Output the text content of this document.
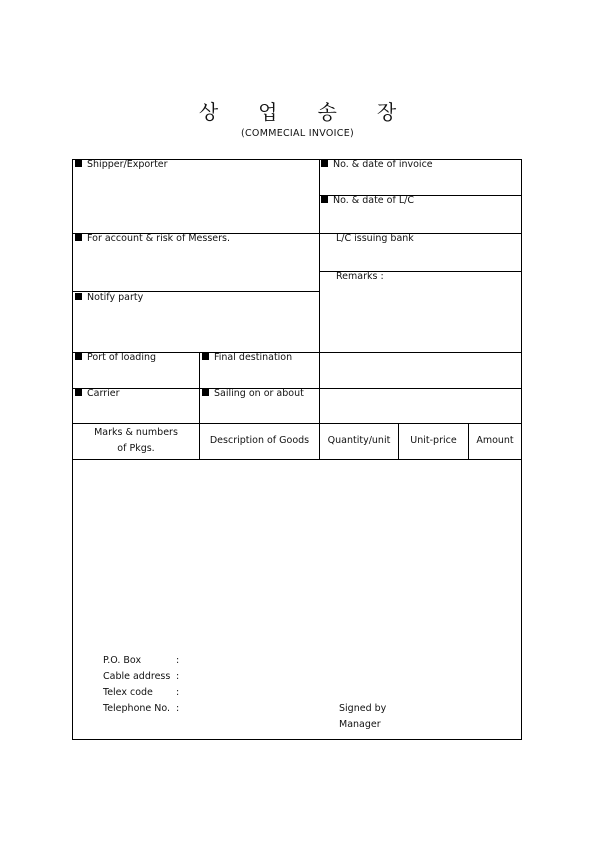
상 업 송 장
(COMMECIAL INVOICE)
Shipper/Exporter	No. & date of invoice
No. & date of L/C
For account & risk of Messers.	L/C issuing bank
Remarks :
Notify party
Port of loading	Final destination
Carrier	Sailing on or about
Marks & numbers
of Pkgs.
Description of Goods	Quantity/unit	Unit-price	Amount
P.O. Box	:
Cable address :
Telex code :
Telephone No. :	Signed by
Manager
